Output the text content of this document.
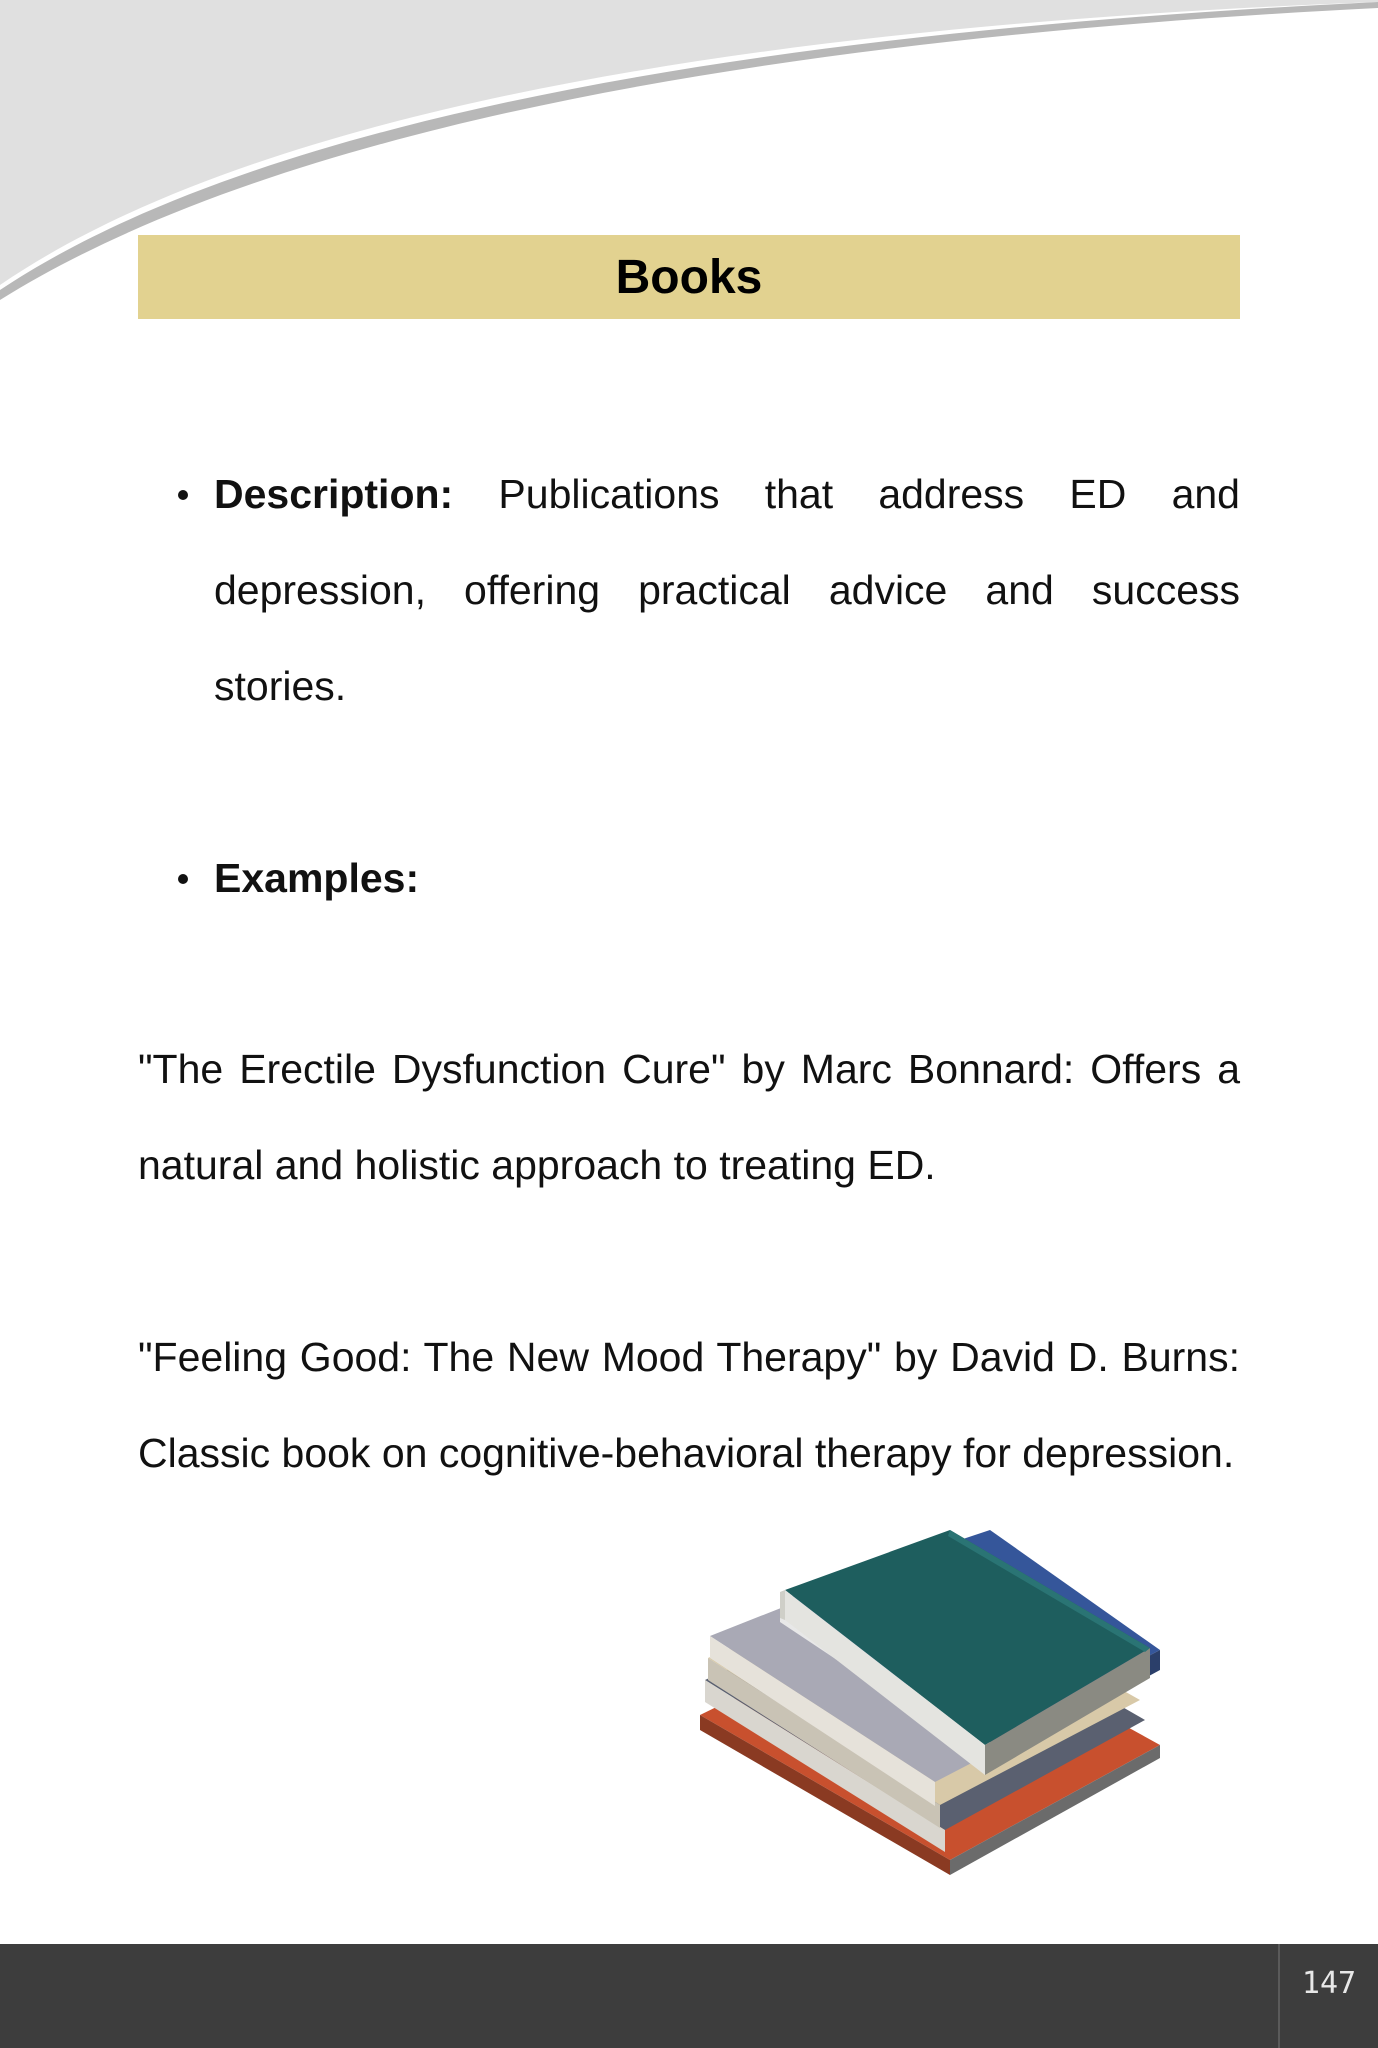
Books
Description: Publications that address ED and depression, offering practical advice and success stories.
Examples:

"The Erectile Dysfunction Cure" by Marc Bonnard: Offers a natural and holistic approach to treating ED.

"Feeling Good: The New Mood Therapy" by David D. Burns: Classic book on cognitive-behavioral therapy for depression.

147
